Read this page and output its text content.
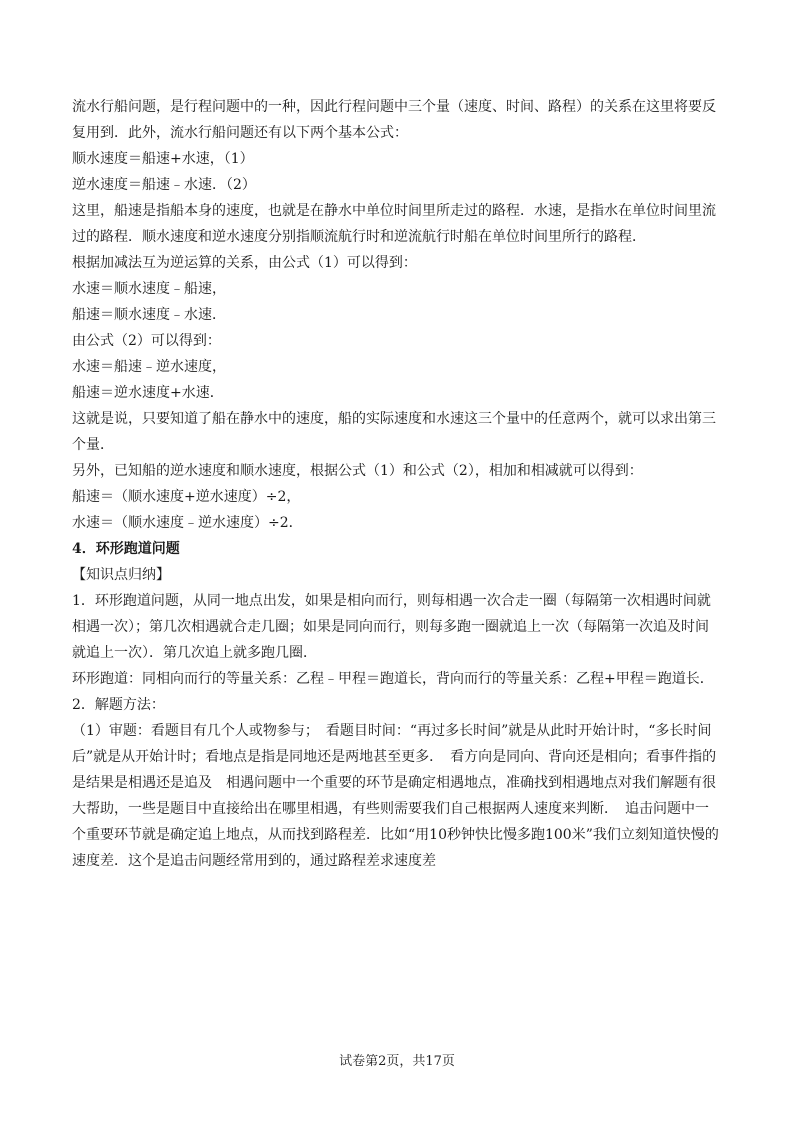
流水行船问题，是行程问题中的一种，因此行程问题中三个量（速度、时间、路程）的关系在这里将要反复用到．此外，流水行船问题还有以下两个基本公式：

顺水速度＝船速+水速，（1）

逆水速度＝船速﹣水速．（2）

这里，船速是指船本身的速度，也就是在静水中单位时间里所走过的路程．水速，是指水在单位时间里流过的路程．顺水速度和逆水速度分别指顺流航行时和逆流航行时船在单位时间里所行的路程．

根据加减法互为逆运算的关系，由公式（1）可以得到：

水速＝顺水速度﹣船速，

船速＝顺水速度﹣水速．

由公式（2）可以得到：

水速＝船速﹣逆水速度，

船速＝逆水速度+水速．

这就是说，只要知道了船在静水中的速度，船的实际速度和水速这三个量中的任意两个，就可以求出第三个量．

另外，已知船的逆水速度和顺水速度，根据公式（1）和公式（2），相加和相减就可以得到：

船速＝（顺水速度+逆水速度）÷2，

水速＝（顺水速度﹣逆水速度）÷2．

4．环形跑道问题

【知识点归纳】

1．环形跑道问题，从同一地点出发，如果是相向而行，则每相遇一次合走一圈（每隔第一次相遇时间就相遇一次）；第几次相遇就合走几圈；如果是同向而行，则每多跑一圈就追上一次（每隔第一次追及时间就追上一次）．第几次追上就多跑几圈．

环形跑道：同相向而行的等量关系：乙程﹣甲程＝跑道长，背向而行的等量关系：乙程+甲程＝跑道长．

2．解题方法：

（1）审题：看题目有几个人或物参与；　看题目时间：“再过多长时间”就是从此时开始计时，“多长时间后”就是从开始计时；看地点是指是同地还是两地甚至更多．　看方向是同向、背向还是相向；看事件指的是结果是相遇还是追及　相遇问题中一个重要的环节是确定相遇地点，准确找到相遇地点对我们解题有很大帮助，一些是题目中直接给出在哪里相遇，有些则需要我们自己根据两人速度来判断．　追击问题中一个重要环节就是确定追上地点，从而找到路程差．比如“用10秒钟快比慢多跑100米”我们立刻知道快慢的速度差．这个是追击问题经常用到的，通过路程差求速度差

试卷第2页，共17页
